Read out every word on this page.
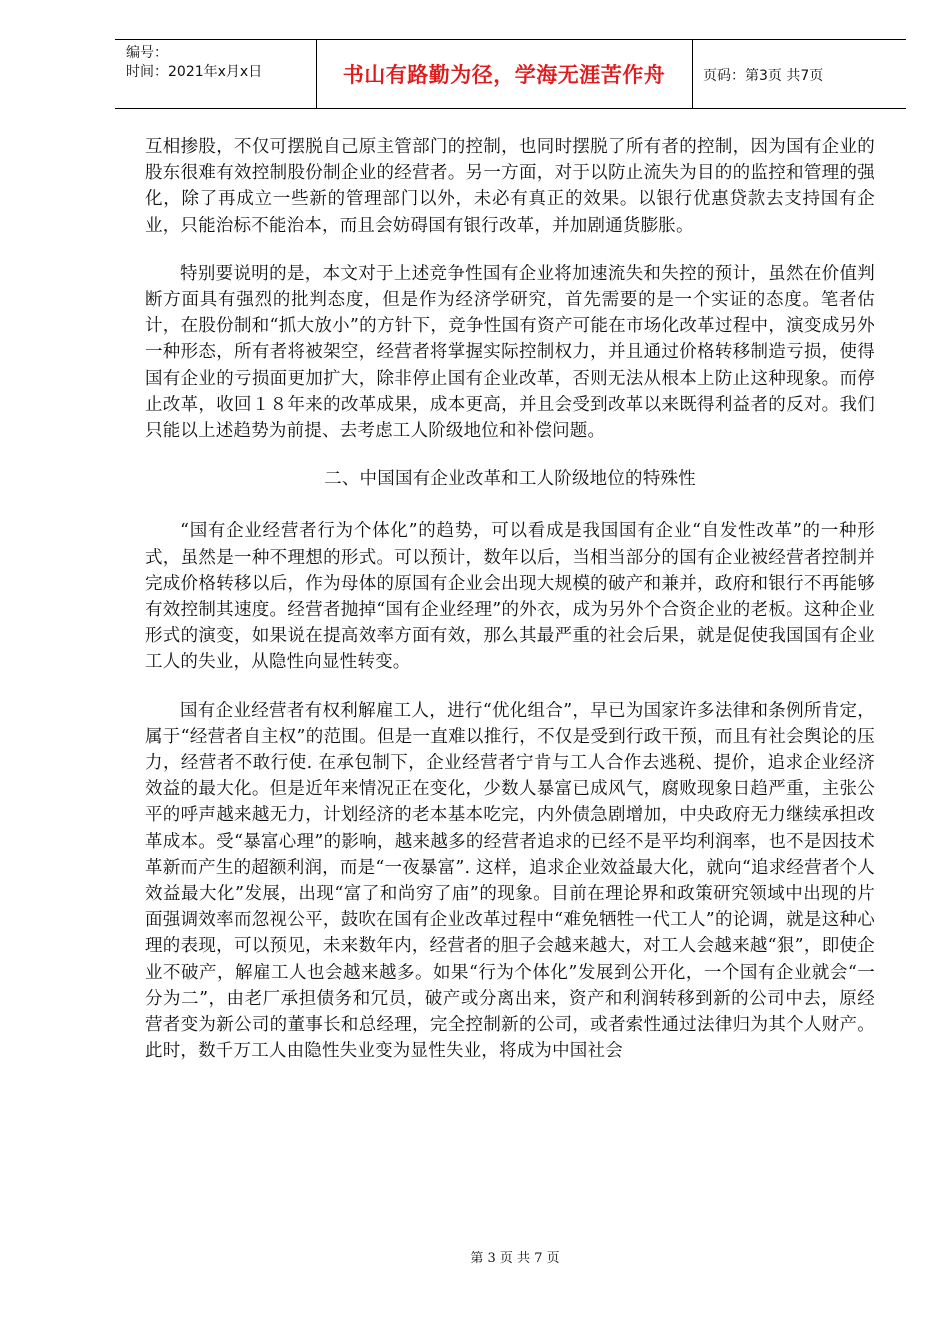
编号：
时间：2021年x月x日	书山有路勤为径，学海无涯苦作舟	页码：第3页 共7页

互相掺股，不仅可摆脱自己原主管部门的控制，也同时摆脱了所有者的控制，因为国有企业的股东很难有效控制股份制企业的经营者。另一方面，对于以防止流失为目的的监控和管理的强化，除了再成立一些新的管理部门以外，未必有真正的效果。以银行优惠贷款去支持国有企业，只能治标不能治本，而且会妨碍国有银行改革，并加剧通货膨胀。

特别要说明的是，本文对于上述竞争性国有企业将加速流失和失控的预计，虽然在价值判断方面具有强烈的批判态度，但是作为经济学研究，首先需要的是一个实证的态度。笔者估计，在股份制和“抓大放小”的方针下，竞争性国有资产可能在市场化改革过程中，演变成另外一种形态，所有者将被架空，经营者将掌握实际控制权力，并且通过价格转移制造亏损，使得国有企业的亏损面更加扩大，除非停止国有企业改革，否则无法从根本上防止这种现象。而停止改革，收回１８年来的改革成果，成本更高，并且会受到改革以来既得利益者的反对。我们只能以上述趋势为前提、去考虑工人阶级地位和补偿问题。

二、中国国有企业改革和工人阶级地位的特殊性

“国有企业经营者行为个体化”的趋势，可以看成是我国国有企业“自发性改革”的一种形式，虽然是一种不理想的形式。可以预计，数年以后，当相当部分的国有企业被经营者控制并完成价格转移以后，作为母体的原国有企业会出现大规模的破产和兼并，政府和银行不再能够有效控制其速度。经营者抛掉“国有企业经理”的外衣，成为另外个合资企业的老板。这种企业形式的演变，如果说在提高效率方面有效，那么其最严重的社会后果，就是促使我国国有企业工人的失业，从隐性向显性转变。

国有企业经营者有权利解雇工人，进行“优化组合”，早已为国家许多法律和条例所肯定，属于“经营者自主权”的范围。但是一直难以推行，不仅是受到行政干预，而且有社会舆论的压力，经营者不敢行使. 在承包制下，企业经营者宁肯与工人合作去逃税、提价，追求企业经济效益的最大化。但是近年来情况正在变化，少数人暴富已成风气，腐败现象日趋严重，主张公平的呼声越来越无力，计划经济的老本基本吃完，内外债急剧增加，中央政府无力继续承担改革成本。受“暴富心理”的影响，越来越多的经营者追求的已经不是平均利润率，也不是因技术革新而产生的超额利润，而是“一夜暴富”. 这样，追求企业效益最大化，就向“追求经营者个人效益最大化”发展，出现“富了和尚穷了庙”的现象。目前在理论界和政策研究领域中出现的片面强调效率而忽视公平，鼓吹在国有企业改革过程中“难免牺牲一代工人”的论调，就是这种心理的表现，可以预见，未来数年内，经营者的胆子会越来越大，对工人会越来越“狠”，即使企业不破产，解雇工人也会越来越多。如果“行为个体化”发展到公开化，一个国有企业就会“一分为二”，由老厂承担债务和冗员，破产或分离出来，资产和利润转移到新的公司中去，原经营者变为新公司的董事长和总经理，完全控制新的公司，或者索性通过法律归为其个人财产。此时，数千万工人由隐性失业变为显性失业，将成为中国社会

第 3 页 共 7 页
